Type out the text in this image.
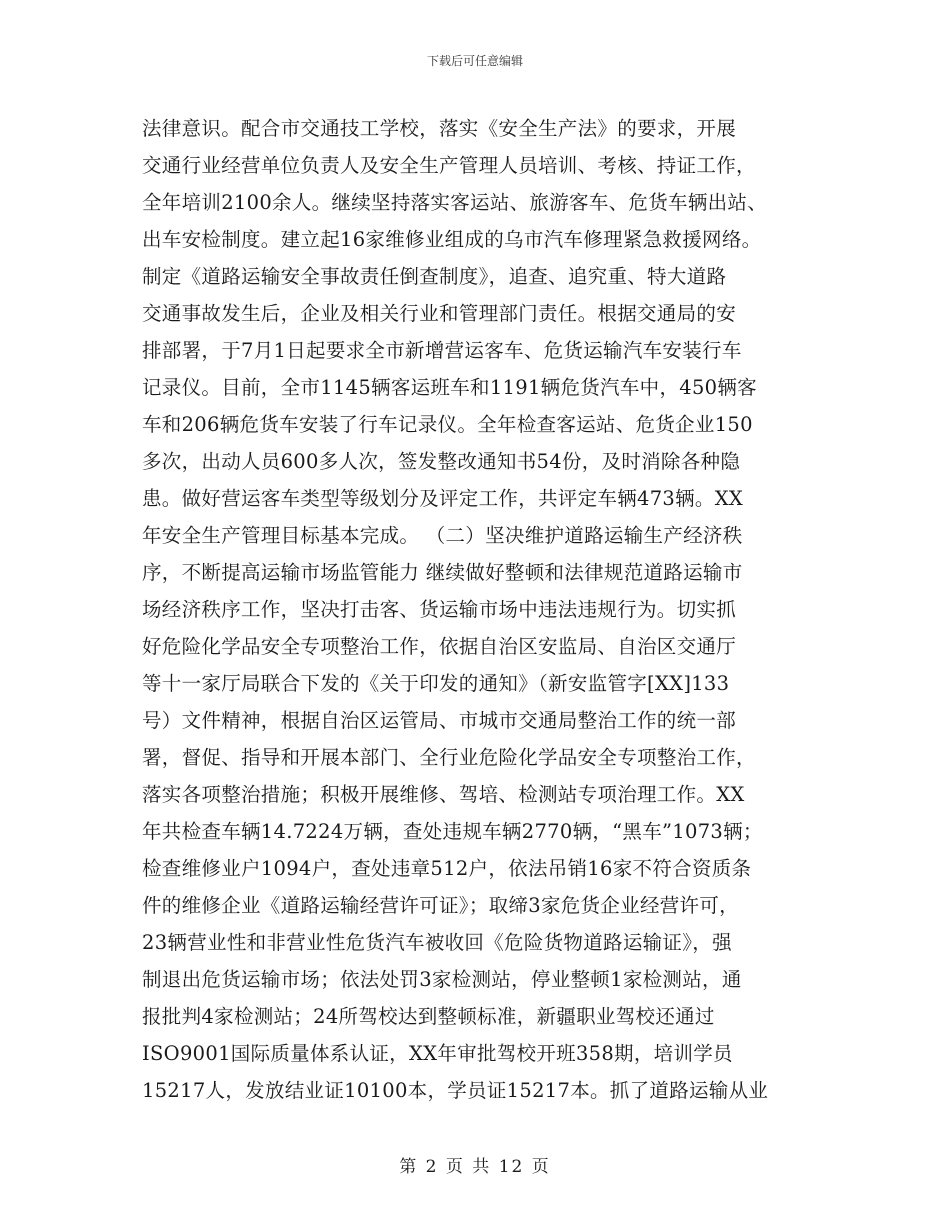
下载后可任意编辑
法律意识。配合市交通技工学校，落实《安全生产法》的要求，开展
交通行业经营单位负责人及安全生产管理人员培训、考核、持证工作，
全年培训2100余人。继续坚持落实客运站、旅游客车、危货车辆出站、
出车安检制度。建立起16家维修业组成的乌市汽车修理紧急救援网络。
制定《道路运输安全事故责任倒查制度》，追查、追究重、特大道路
交通事故发生后，企业及相关行业和管理部门责任。根据交通局的安
排部署，于7月1日起要求全市新增营运客车、危货运输汽车安装行车
记录仪。目前，全市1145辆客运班车和1191辆危货汽车中，450辆客
车和206辆危货车安装了行车记录仪。全年检查客运站、危货企业150
多次，出动人员600多人次，签发整改通知书54份，及时消除各种隐
患。做好营运客车类型等级划分及评定工作，共评定车辆473辆。XX
年安全生产管理目标基本完成。 （二）坚决维护道路运输生产经济秩
序，不断提高运输市场监管能力 继续做好整顿和法律规范道路运输市
场经济秩序工作，坚决打击客、货运输市场中违法违规行为。切实抓
好危险化学品安全专项整治工作，依据自治区安监局、自治区交通厅
等十一家厅局联合下发的《关于印发的通知》（新安监管字[XX]133
号）文件精神，根据自治区运管局、市城市交通局整治工作的统一部
署，督促、指导和开展本部门、全行业危险化学品安全专项整治工作，
落实各项整治措施；积极开展维修、驾培、检测站专项治理工作。XX
年共检查车辆14.7224万辆，查处违规车辆2770辆，“黑车”1073辆；
检查维修业户1094户，查处违章512户，依法吊销16家不符合资质条
件的维修企业《道路运输经营许可证》；取缔3家危货企业经营许可，
23辆营业性和非营业性危货汽车被收回《危险货物道路运输证》，强
制退出危货运输市场；依法处罚3家检测站，停业整顿1家检测站，通
报批判4家检测站；24所驾校达到整顿标准，新疆职业驾校还通过
ISO9001国际质量体系认证，XX年审批驾校开班358期，培训学员
15217人，发放结业证10100本，学员证15217本。抓了道路运输从业
第 2 页 共 12 页
